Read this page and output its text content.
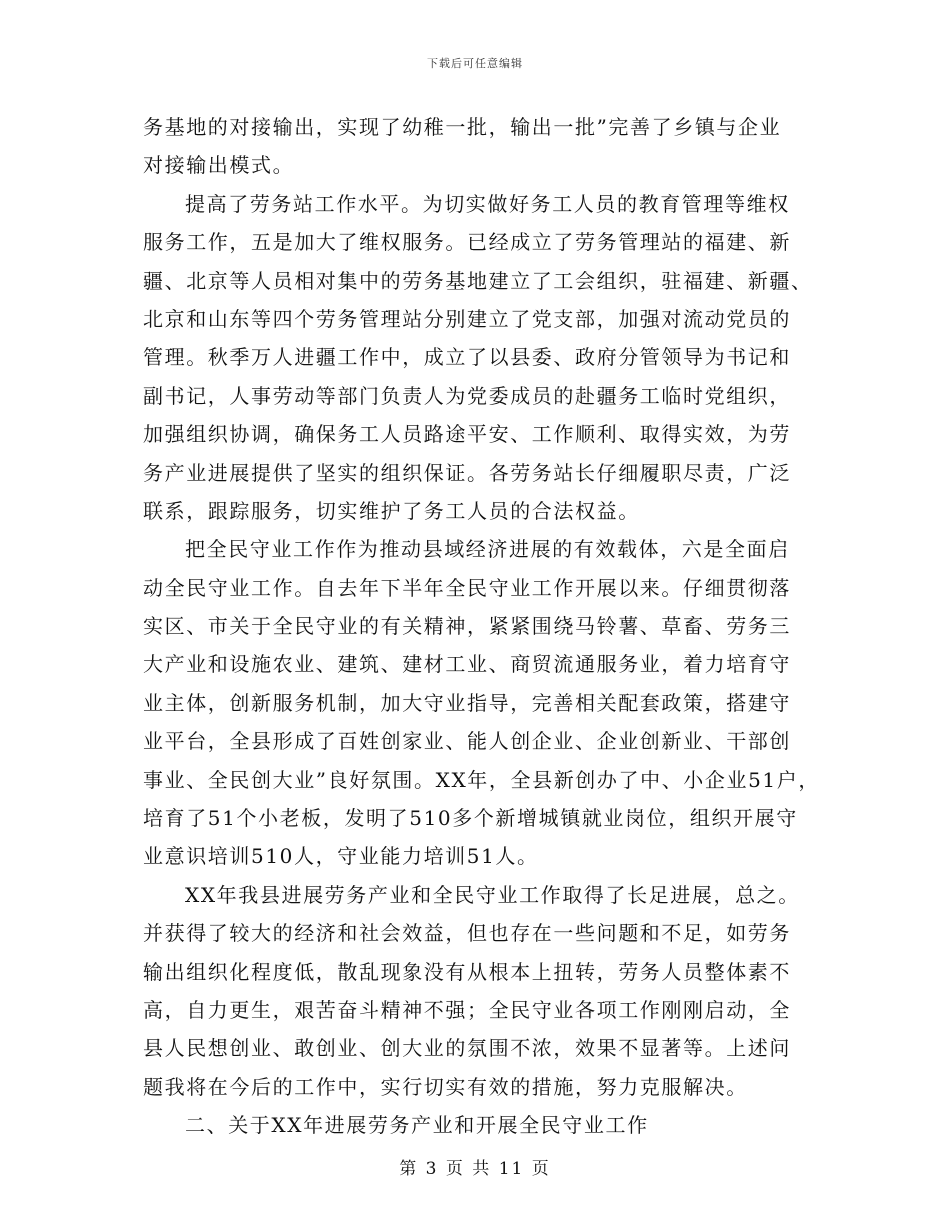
下载后可任意编辑
务基地的对接输出，实现了幼稚一批，输出一批”完善了乡镇与企业
对接输出模式。
提高了劳务站工作水平。为切实做好务工人员的教育管理等维权
服务工作，五是加大了维权服务。已经成立了劳务管理站的福建、新
疆、北京等人员相对集中的劳务基地建立了工会组织，驻福建、新疆、
北京和山东等四个劳务管理站分别建立了党支部，加强对流动党员的
管理。秋季万人进疆工作中，成立了以县委、政府分管领导为书记和
副书记，人事劳动等部门负责人为党委成员的赴疆务工临时党组织，
加强组织协调，确保务工人员路途平安、工作顺利、取得实效，为劳
务产业进展提供了坚实的组织保证。各劳务站长仔细履职尽责，广泛
联系，跟踪服务，切实维护了务工人员的合法权益。
把全民守业工作作为推动县域经济进展的有效载体，六是全面启
动全民守业工作。自去年下半年全民守业工作开展以来。仔细贯彻落
实区、市关于全民守业的有关精神，紧紧围绕马铃薯、草畜、劳务三
大产业和设施农业、建筑、建材工业、商贸流通服务业，着力培育守
业主体，创新服务机制，加大守业指导，完善相关配套政策，搭建守
业平台，全县形成了百姓创家业、能人创企业、企业创新业、干部创
事业、全民创大业”良好氛围。XX年，全县新创办了中、小企业51户，
培育了51个小老板，发明了510多个新增城镇就业岗位，组织开展守
业意识培训510人，守业能力培训51人。
XX年我县进展劳务产业和全民守业工作取得了长足进展，总之。
并获得了较大的经济和社会效益，但也存在一些问题和不足，如劳务
输出组织化程度低，散乱现象没有从根本上扭转，劳务人员整体素不
高，自力更生，艰苦奋斗精神不强；全民守业各项工作刚刚启动，全
县人民想创业、敢创业、创大业的氛围不浓，效果不显著等。上述问
题我将在今后的工作中，实行切实有效的措施，努力克服解决。
二、关于XX年进展劳务产业和开展全民守业工作
第 3 页 共 11 页
